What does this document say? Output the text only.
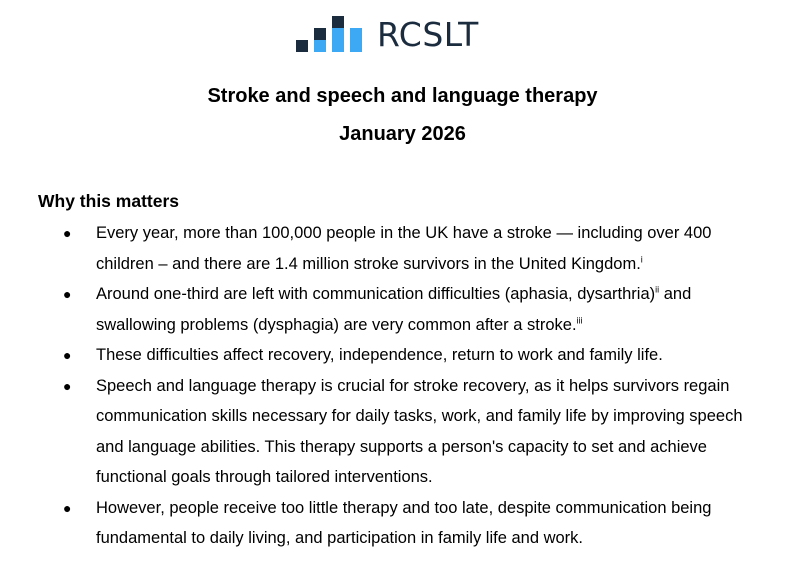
RCSLT
Stroke and speech and language therapy
January 2026
Why this matters
● Every year, more than 100,000 people in the UK have a stroke — including over 400 children – and there are 1.4 million stroke survivors in the United Kingdom.$^i$
● Around one-third are left with communication difficulties (aphasia, dysarthria)$^{ii}$ and swallowing problems (dysphagia) are very common after a stroke.$^{iii}$
● These difficulties affect recovery, independence, return to work and family life.
● Speech and language therapy is crucial for stroke recovery, as it helps survivors regain communication skills necessary for daily tasks, work, and family life by improving speech and language abilities. This therapy supports a person's capacity to set and achieve functional goals through tailored interventions.
● However, people receive too little therapy and too late, despite communication being fundamental to daily living, and participation in family life and work.
